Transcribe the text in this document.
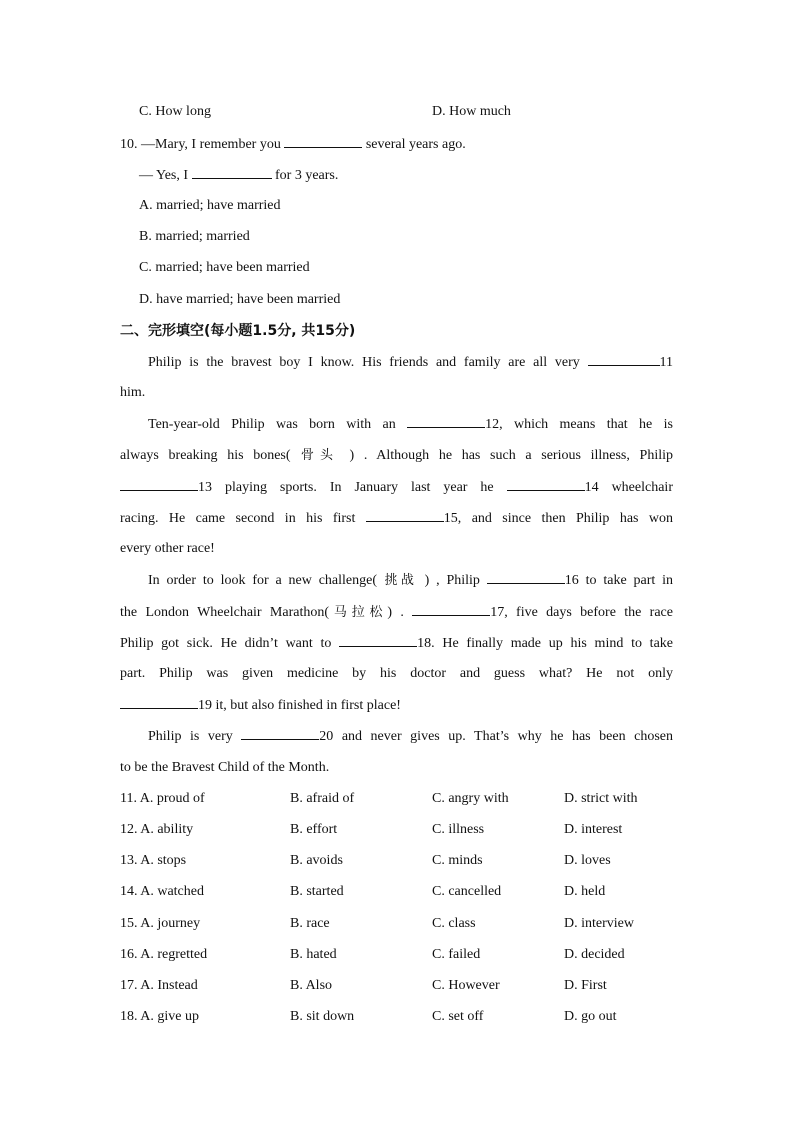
C. How long	D. How much
10. —Mary, I remember you	several years ago.
— Yes, I	for 3 years.
A. married; have married
B. married; married
C. married; have been married
D. have married; have been married
二、完形填空(每小题1.5分, 共15分)
Philip is the bravest boy I know. His friends and family are all very	11
him.
Ten-year-old Philip was born with an	12, which means that he is
always breaking his bones( 骨头 ) . Although he has such a serious illness, Philip
13 playing sports. In January last year he	14 wheelchair
racing. He came second in his first	15, and since then Philip has won
every other race!
In order to look for a new challenge( 挑战 ) , Philip	16 to take part in
the London Wheelchair Marathon(马拉松) .	17, five days before the race
Philip got sick. He didn’t want to	18. He finally made up his mind to take
part. Philip was given medicine by his doctor and guess what? He not only
19 it, but also finished in first place!
Philip is very	20 and never gives up. That’s why he has been chosen
to be the Bravest Child of the Month.
11. A. proud of	B. afraid of	C. angry with	D. strict with
12. A. ability	B. effort	C. illness	D. interest
13. A. stops	B. avoids	C. minds	D. loves
14. A. watched	B. started	C. cancelled	D. held
15. A. journey	B. race	C. class	D. interview
16. A. regretted	B. hated	C. failed	D. decided
17. A. Instead	B. Also	C. However	D. First
18. A. give up	B. sit down	C. set off	D. go out
